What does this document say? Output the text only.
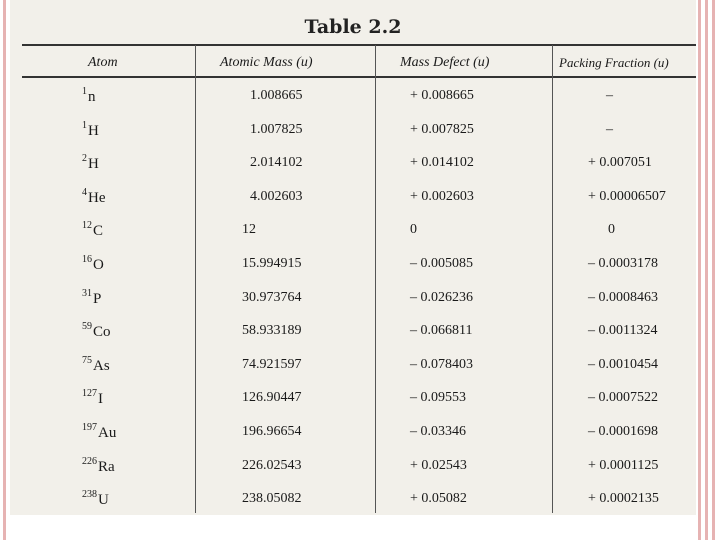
Table 2.2
Atom	Atomic Mass (u)	Mass Defect (u)	Packing Fraction (u)
$^1$n	1.008665	+ 0.008665	–
$^1$H	1.007825	+ 0.007825	–
$^2$H	2.014102	+ 0.014102	+ 0.007051
$^4$He	4.002603	+ 0.002603	+ 0.00006507
$^{12}$C	12	0	0
$^{16}$O	15.994915	– 0.005085	– 0.0003178
$^{31}$P	30.973764	– 0.026236	– 0.0008463
$^{59}$Co	58.933189	– 0.066811	– 0.0011324
$^{75}$As	74.921597	– 0.078403	– 0.0010454
$^{127}$I	126.90447	– 0.09553	– 0.0007522
$^{197}$Au	196.96654	– 0.03346	– 0.0001698
$^{226}$Ra	226.02543	+ 0.02543	+ 0.0001125
$^{238}$U	238.05082	+ 0.05082	+ 0.0002135
